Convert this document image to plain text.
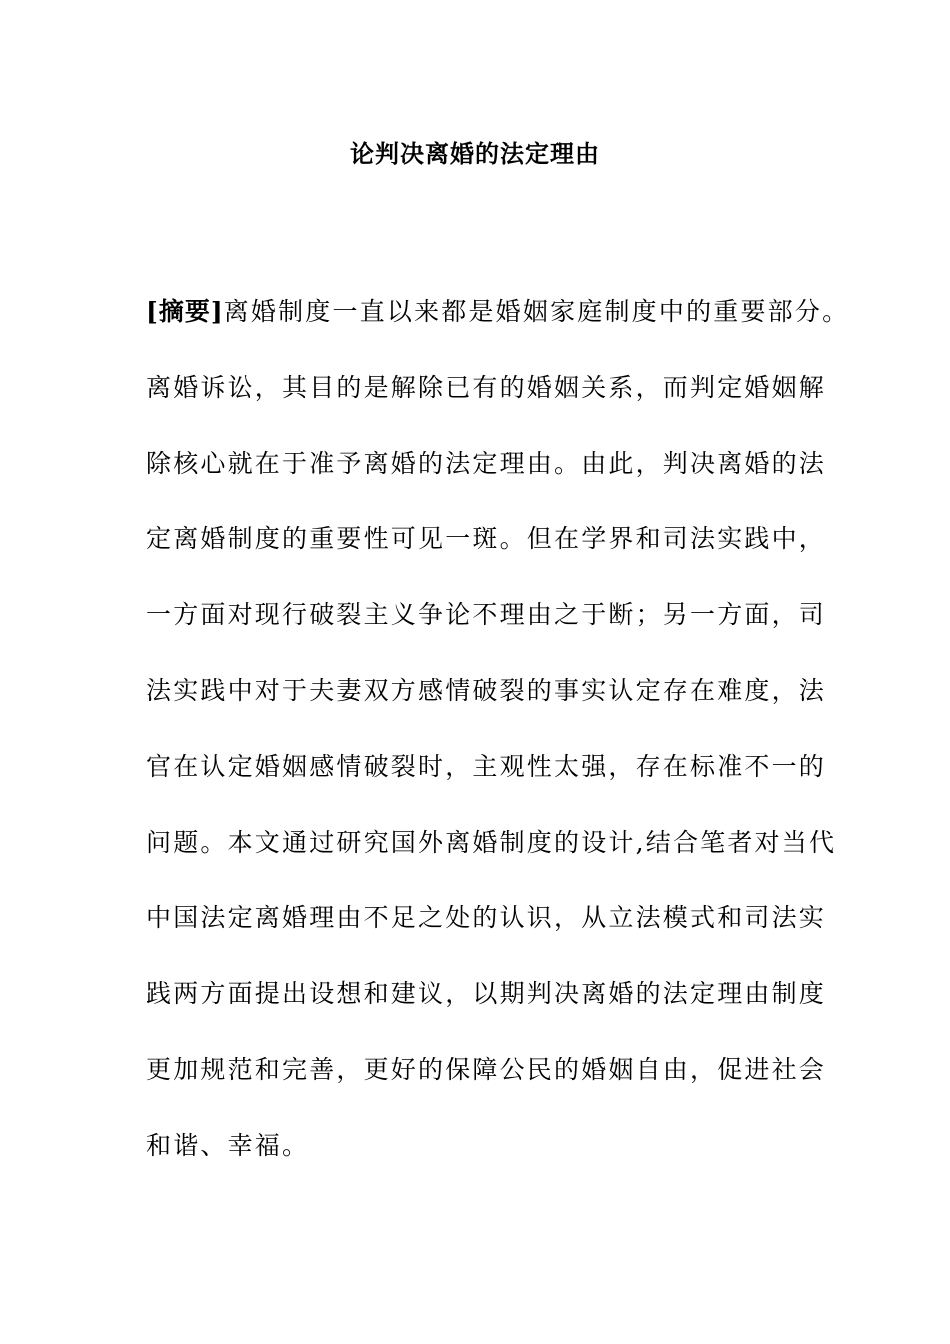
论判决离婚的法定理由
[摘要]离婚制度一直以来都是婚姻家庭制度中的重要部分。
离婚诉讼，其目的是解除已有的婚姻关系，而判定婚姻解
除核心就在于准予离婚的法定理由。由此，判决离婚的法
定离婚制度的重要性可见一斑。但在学界和司法实践中，
一方面对现行破裂主义争论不理由之于断；另一方面，司
法实践中对于夫妻双方感情破裂的事实认定存在难度，法
官在认定婚姻感情破裂时，主观性太强，存在标准不一的
问题。本文通过研究国外离婚制度的设计,结合笔者对当代
中国法定离婚理由不足之处的认识，从立法模式和司法实
践两方面提出设想和建议，以期判决离婚的法定理由制度
更加规范和完善，更好的保障公民的婚姻自由，促进社会
和谐、幸福。
